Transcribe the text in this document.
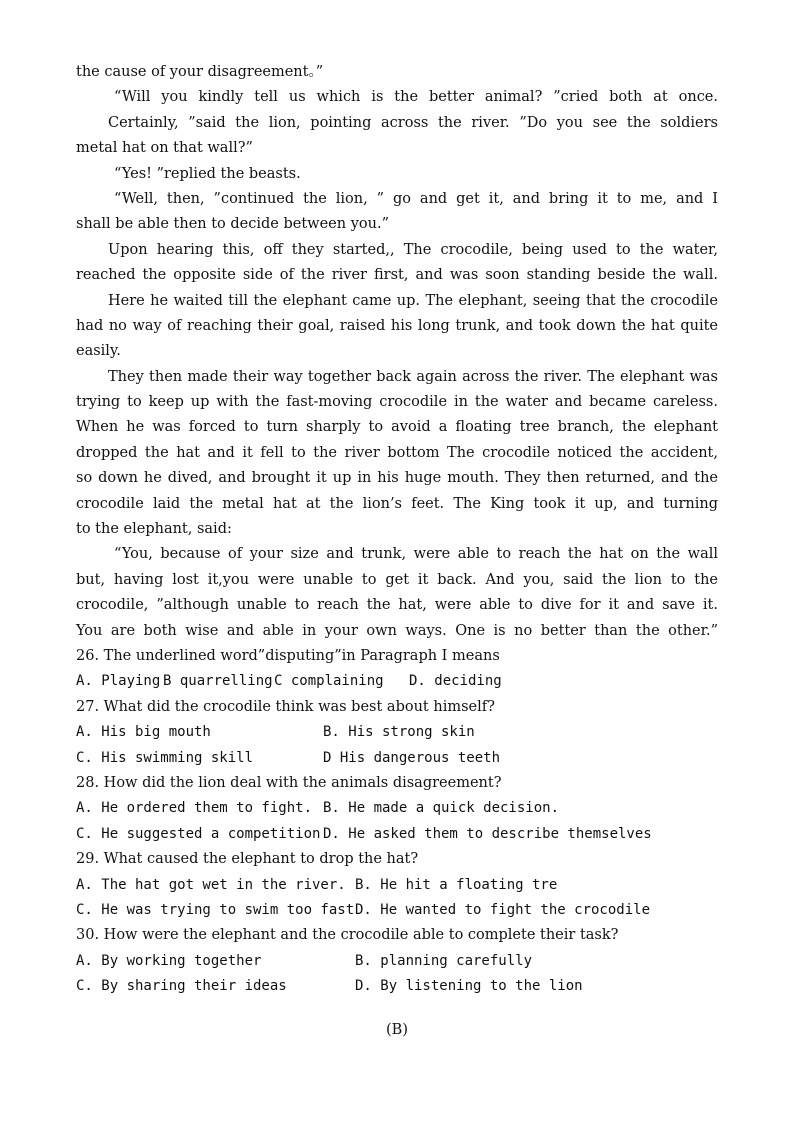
the cause of your disagreement。”
“Will you kindly tell us which is the better animal? ”cried both at once.
Certainly, ”said the lion, pointing across the river. ”Do you see the soldiers
metal hat on that wall?”
“Yes! ”replied the beasts.
“Well, then, ”continued the lion, ” go and get it, and bring it to me, and I
shall be able then to decide between you.”
Upon hearing this, off they started,, The crocodile, being used to the water,
reached the opposite side of the river first, and was soon standing beside the wall.
Here he waited till the elephant came up. The elephant, seeing that the crocodile
had no way of reaching their goal, raised his long trunk, and took down the hat quite
easily.
They then made their way together back again across the river. The elephant was
trying to keep up with the fast-moving crocodile in the water and became careless.
When he was forced to turn sharply to avoid a floating tree branch, the elephant
dropped the hat and it fell to the river bottom The crocodile noticed the accident,
so down he dived, and brought it up in his huge mouth. They then returned, and the
crocodile laid the metal hat at the lion’s feet. The King took it up, and turning
to the elephant, said:
“You, because of your size and trunk, were able to reach the hat on the wall
but, having lost it,you were unable to get it back. And you, said the lion to the
crocodile, ”although unable to reach the hat, were able to dive for it and save it.
You are both wise and able in your own ways. One is no better than the other.”
26. The underlined word”disputing”in Paragraph I means
A. Playing B quarrelling C complaining	D. deciding
27. What did the crocodile think was best about himself?
A. His big mouth	B. His strong skin
C. His swimming skill	D His dangerous teeth
28. How did the lion deal with the animals disagreement?
A. He ordered them to fight. B. He made a quick decision.
C. He suggested a competition D. He asked them to describe themselves
29. What caused the elephant to drop the hat?
A. The hat got wet in the river. B. He hit a floating tre
C. He was trying to swim too fast D. He wanted to fight the crocodile
30. How were the elephant and the crocodile able to complete their task?
A. By working together	B. planning carefully
C. By sharing their ideas	D. By listening to the lion
(B)
